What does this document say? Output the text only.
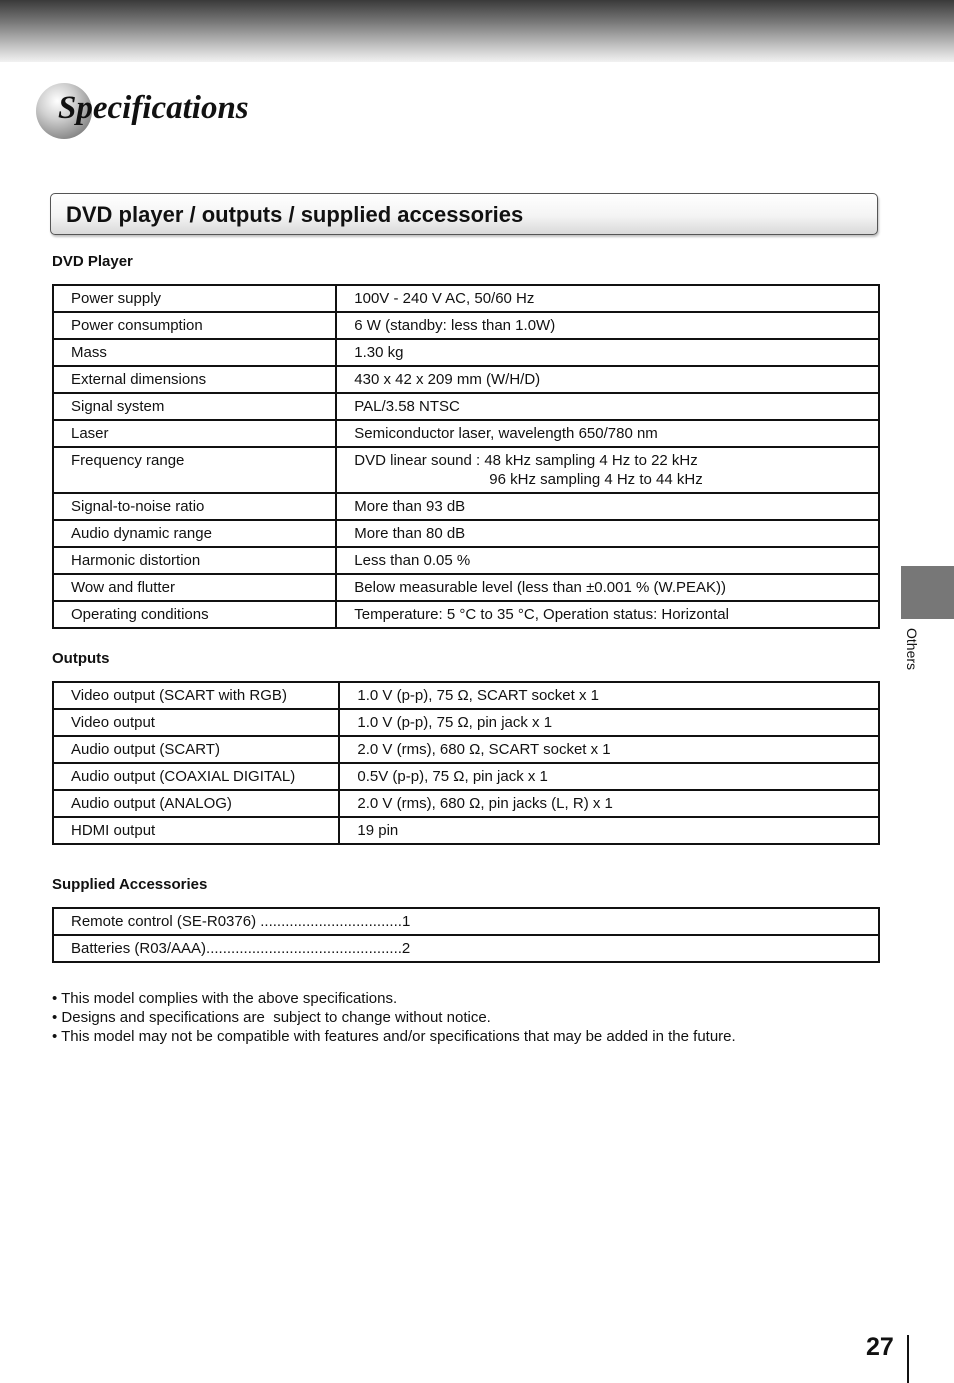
Specifications
DVD player / outputs / supplied accessories
DVD Player
Power supply	100V - 240 V AC, 50/60 Hz
Power consumption	6 W (standby: less than 1.0W)
Mass	1.30 kg
External dimensions	430 x 42 x 209 mm (W/H/D)
Signal system	PAL/3.58 NTSC
Laser	Semiconductor laser, wavelength 650/780 nm
Frequency range	DVD linear sound : 48 kHz sampling 4 Hz to 22 kHz
96 kHz sampling 4 Hz to 44 kHz

Signal-to-noise ratio	More than 93 dB
Audio dynamic range	More than 80 dB
Harmonic distortion	Less than 0.05 %
Wow and flutter	Below measurable level (less than ±0.001 % (W.PEAK))
Operating conditions	Temperature: 5 °C to 35 °C, Operation status: Horizontal
Outputs
Video output (SCART with RGB)	1.0 V (p-p), 75 Ω, SCART socket x 1
Video output	1.0 V (p-p), 75 Ω, pin jack x 1
Audio output (SCART)	2.0 V (rms), 680 Ω, SCART socket x 1
Audio output (COAXIAL DIGITAL)	0.5V (p-p), 75 Ω, pin jack x 1
Audio output (ANALOG)	2.0 V (rms), 680 Ω, pin jacks (L, R) x 1
HDMI output	19 pin
Supplied Accessories
Remote control (SE-R0376) ..................................1
Batteries (R03/AAA)...............................................2
• This model complies with the above specifications.
• Designs and specifications are  subject to change without notice.
• This model may not be compatible with features and/or specifications that may be added in the future.
Others
27
